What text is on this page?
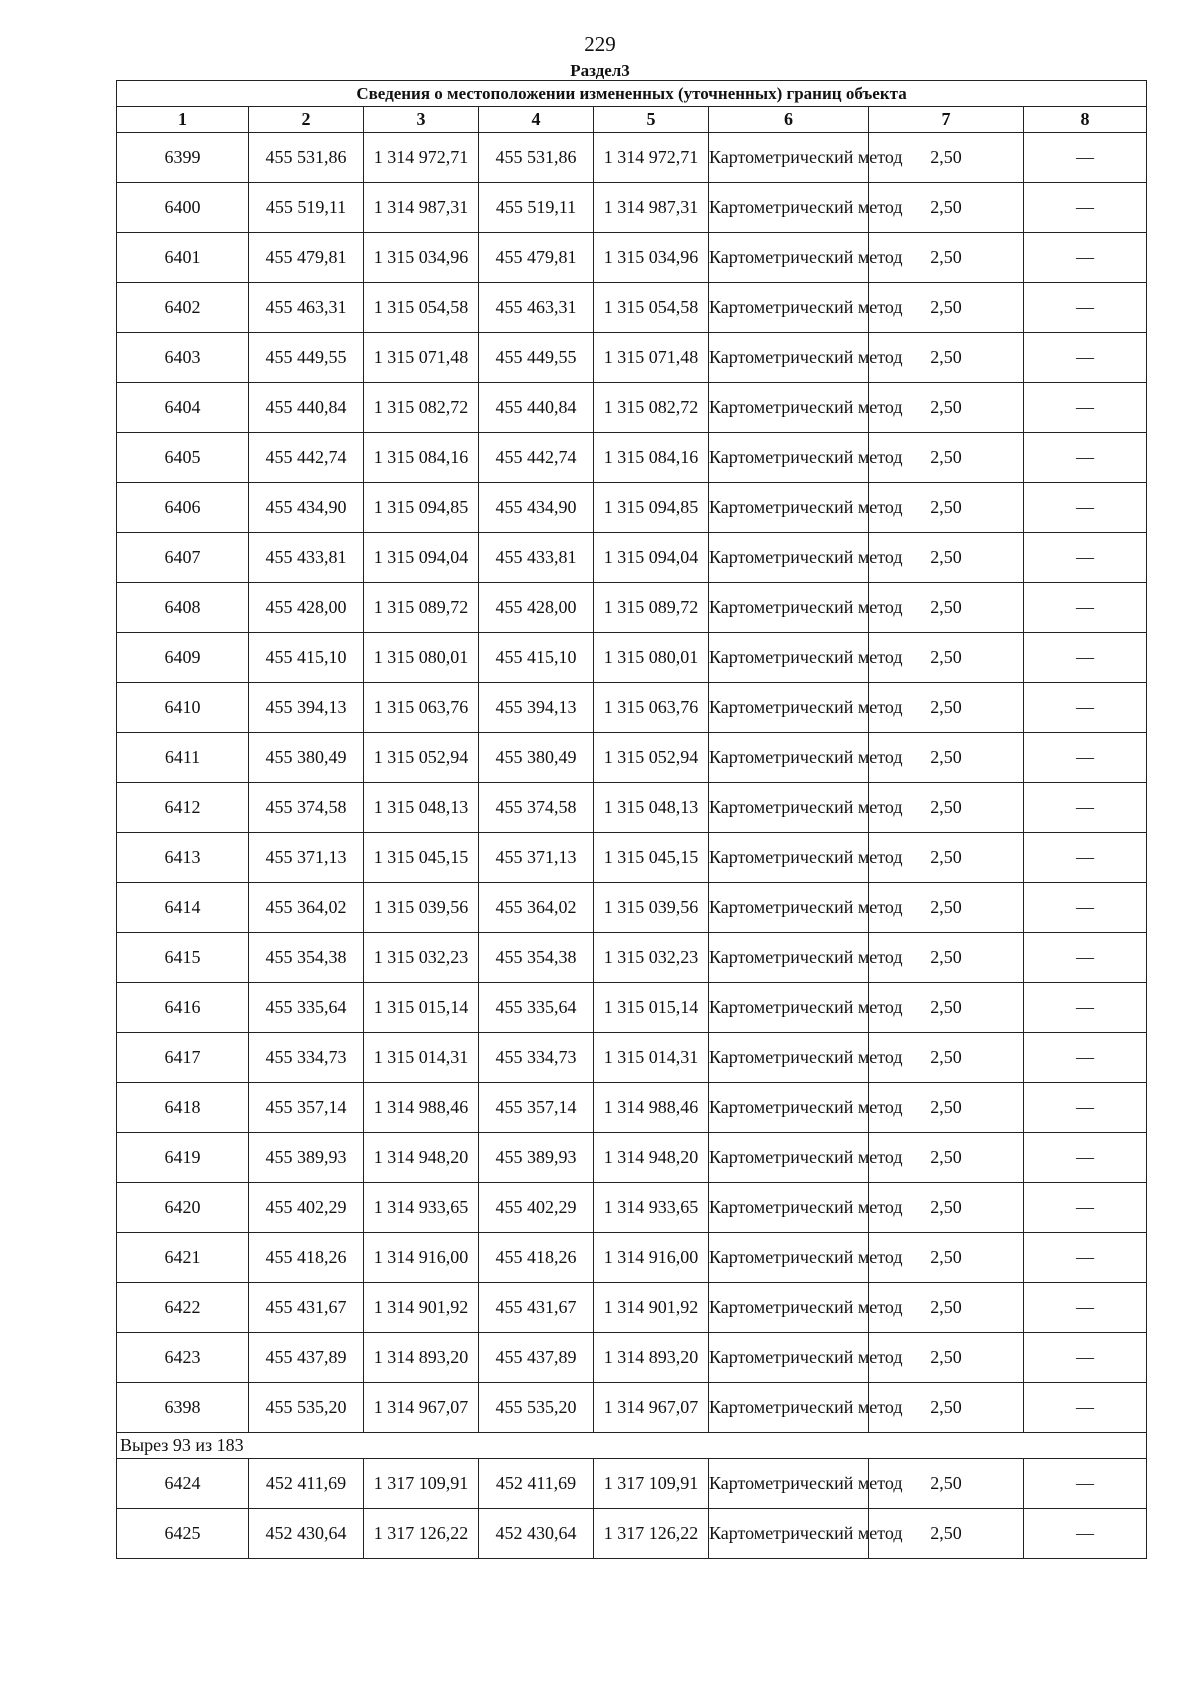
229
Раздел3
Сведения о местоположении измененных (уточненных) границ объекта							
1	2	3	4	5	6	7	8
6399	455 531,86	1 314 972,71	455 531,86	1 314 972,71	Картометрический метод	2,50	—
6400	455 519,11	1 314 987,31	455 519,11	1 314 987,31	Картометрический метод	2,50	—
6401	455 479,81	1 315 034,96	455 479,81	1 315 034,96	Картометрический метод	2,50	—
6402	455 463,31	1 315 054,58	455 463,31	1 315 054,58	Картометрический метод	2,50	—
6403	455 449,55	1 315 071,48	455 449,55	1 315 071,48	Картометрический метод	2,50	—
6404	455 440,84	1 315 082,72	455 440,84	1 315 082,72	Картометрический метод	2,50	—
6405	455 442,74	1 315 084,16	455 442,74	1 315 084,16	Картометрический метод	2,50	—
6406	455 434,90	1 315 094,85	455 434,90	1 315 094,85	Картометрический метод	2,50	—
6407	455 433,81	1 315 094,04	455 433,81	1 315 094,04	Картометрический метод	2,50	—
6408	455 428,00	1 315 089,72	455 428,00	1 315 089,72	Картометрический метод	2,50	—
6409	455 415,10	1 315 080,01	455 415,10	1 315 080,01	Картометрический метод	2,50	—
6410	455 394,13	1 315 063,76	455 394,13	1 315 063,76	Картометрический метод	2,50	—
6411	455 380,49	1 315 052,94	455 380,49	1 315 052,94	Картометрический метод	2,50	—
6412	455 374,58	1 315 048,13	455 374,58	1 315 048,13	Картометрический метод	2,50	—
6413	455 371,13	1 315 045,15	455 371,13	1 315 045,15	Картометрический метод	2,50	—
6414	455 364,02	1 315 039,56	455 364,02	1 315 039,56	Картометрический метод	2,50	—
6415	455 354,38	1 315 032,23	455 354,38	1 315 032,23	Картометрический метод	2,50	—
6416	455 335,64	1 315 015,14	455 335,64	1 315 015,14	Картометрический метод	2,50	—
6417	455 334,73	1 315 014,31	455 334,73	1 315 014,31	Картометрический метод	2,50	—
6418	455 357,14	1 314 988,46	455 357,14	1 314 988,46	Картометрический метод	2,50	—
6419	455 389,93	1 314 948,20	455 389,93	1 314 948,20	Картометрический метод	2,50	—
6420	455 402,29	1 314 933,65	455 402,29	1 314 933,65	Картометрический метод	2,50	—
6421	455 418,26	1 314 916,00	455 418,26	1 314 916,00	Картометрический метод	2,50	—
6422	455 431,67	1 314 901,92	455 431,67	1 314 901,92	Картометрический метод	2,50	—
6423	455 437,89	1 314 893,20	455 437,89	1 314 893,20	Картометрический метод	2,50	—
6398	455 535,20	1 314 967,07	455 535,20	1 314 967,07	Картометрический метод	2,50	—
Вырез 93 из 183							
6424	452 411,69	1 317 109,91	452 411,69	1 317 109,91	Картометрический метод	2,50	—
6425	452 430,64	1 317 126,22	452 430,64	1 317 126,22	Картометрический метод	2,50	—
